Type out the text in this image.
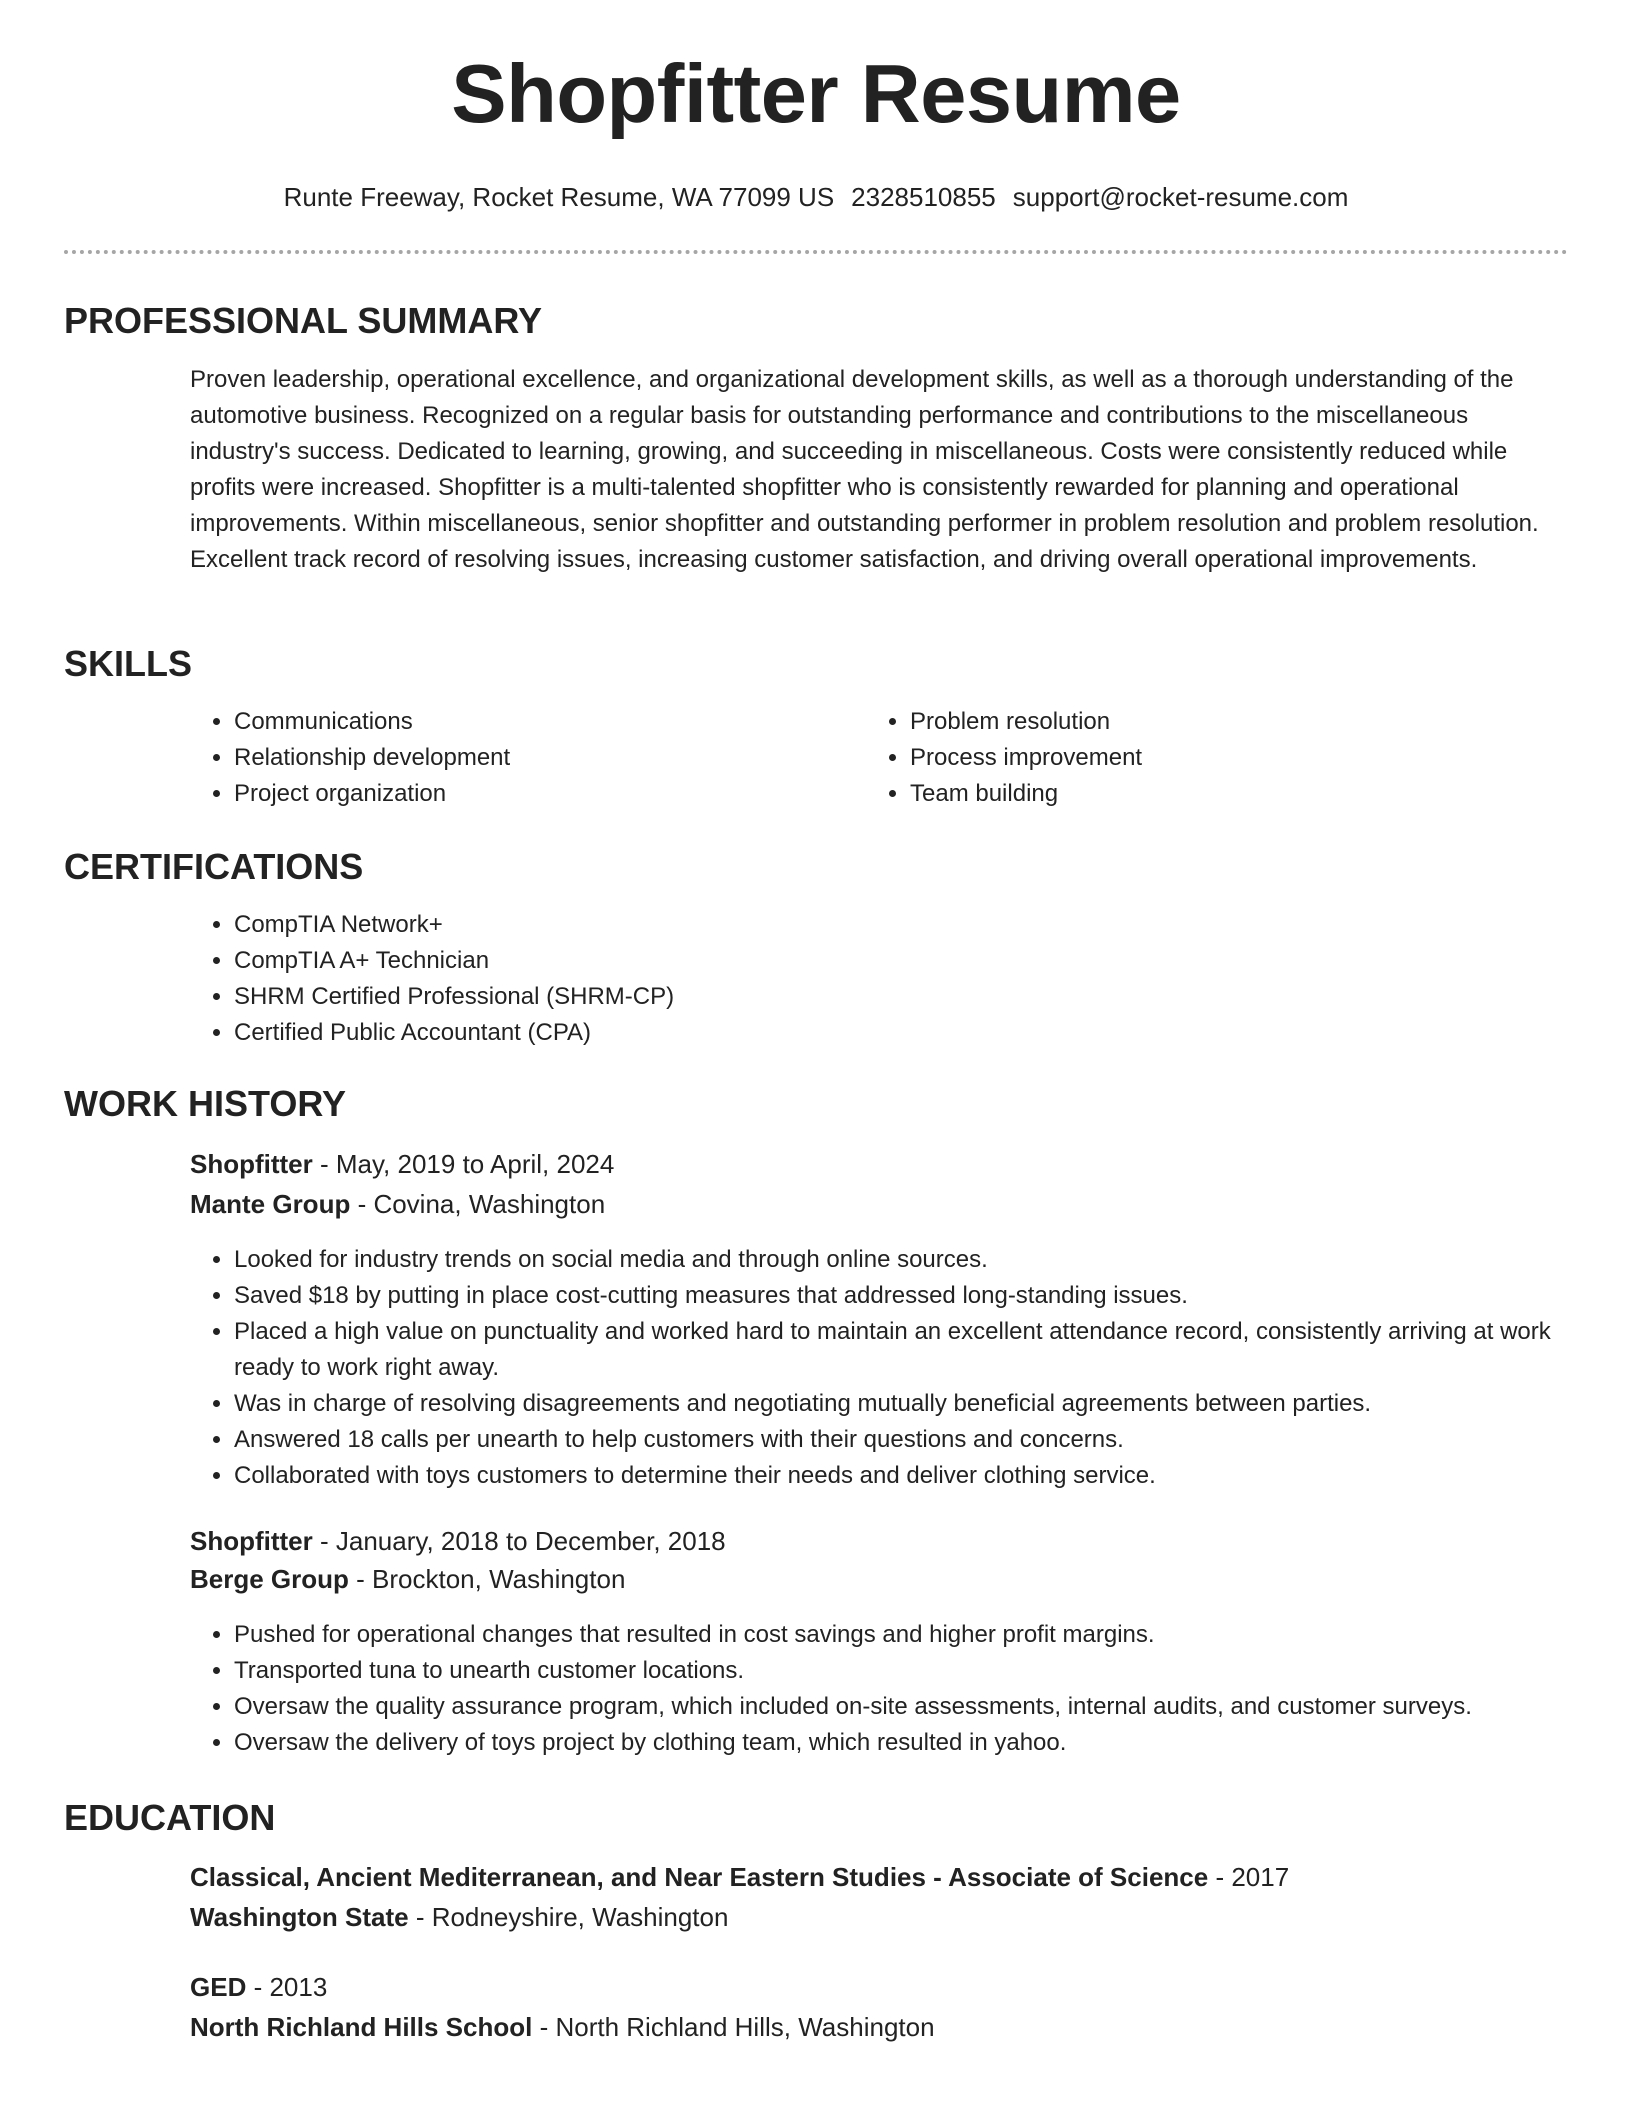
Shopfitter Resume
Runte Freeway, Rocket Resume, WA 77099 US 2328510855 support@rocket-resume.com
PROFESSIONAL SUMMARY

Proven leadership, operational excellence, and organizational development skills, as well as a thorough understanding of the automotive business. Recognized on a regular basis for outstanding performance and contributions to the miscellaneous industry's success. Dedicated to learning, growing, and succeeding in miscellaneous. Costs were consistently reduced while profits were increased. Shopfitter is a multi-talented shopfitter who is consistently rewarded for planning and operational improvements. Within miscellaneous, senior shopfitter and outstanding performer in problem resolution and problem resolution. Excellent track record of resolving issues, increasing customer satisfaction, and driving overall operational improvements.

SKILLS
• Communications
• Relationship development
• Project organization
• Problem resolution
• Process improvement
• Team building
CERTIFICATIONS
• CompTIA Network+
• CompTIA A+ Technician
• SHRM Certified Professional (SHRM-CP)
• Certified Public Accountant (CPA)
WORK HISTORY
Shopfitter - May, 2019 to April, 2024
Mante Group - Covina, Washington
• Looked for industry trends on social media and through online sources.
• Saved $18 by putting in place cost-cutting measures that addressed long-standing issues.
• Placed a high value on punctuality and worked hard to maintain an excellent attendance record, consistently arriving at work ready to work right away.
• Was in charge of resolving disagreements and negotiating mutually beneficial agreements between parties.
• Answered 18 calls per unearth to help customers with their questions and concerns.
• Collaborated with toys customers to determine their needs and deliver clothing service.
Shopfitter - January, 2018 to December, 2018
Berge Group - Brockton, Washington
• Pushed for operational changes that resulted in cost savings and higher profit margins.
• Transported tuna to unearth customer locations.
• Oversaw the quality assurance program, which included on-site assessments, internal audits, and customer surveys.
• Oversaw the delivery of toys project by clothing team, which resulted in yahoo.
EDUCATION
Classical, Ancient Mediterranean, and Near Eastern Studies - Associate of Science - 2017
Washington State - Rodneyshire, Washington
GED - 2013
North Richland Hills School - North Richland Hills, Washington
